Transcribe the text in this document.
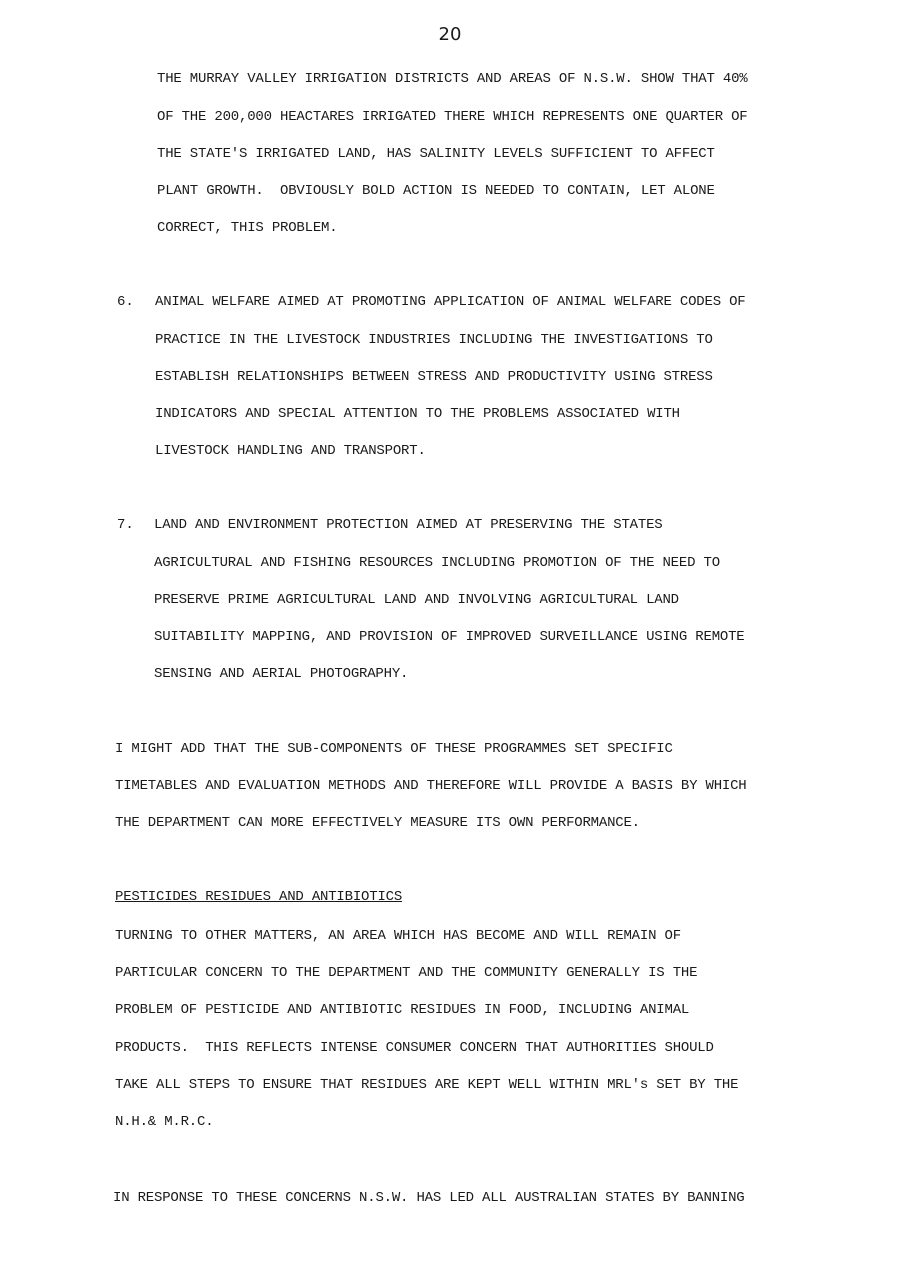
20
THE MURRAY VALLEY IRRIGATION DISTRICTS AND AREAS OF N.S.W. SHOW THAT 40%
OF THE 200,000 HEACTARES IRRIGATED THERE WHICH REPRESENTS ONE QUARTER OF
THE STATE'S IRRIGATED LAND, HAS SALINITY LEVELS SUFFICIENT TO AFFECT
PLANT GROWTH.  OBVIOUSLY BOLD ACTION IS NEEDED TO CONTAIN, LET ALONE
CORRECT, THIS PROBLEM.
6. ANIMAL WELFARE AIMED AT PROMOTING APPLICATION OF ANIMAL WELFARE CODES OF
PRACTICE IN THE LIVESTOCK INDUSTRIES INCLUDING THE INVESTIGATIONS TO
ESTABLISH RELATIONSHIPS BETWEEN STRESS AND PRODUCTIVITY USING STRESS
INDICATORS AND SPECIAL ATTENTION TO THE PROBLEMS ASSOCIATED WITH
LIVESTOCK HANDLING AND TRANSPORT.
7. LAND AND ENVIRONMENT PROTECTION AIMED AT PRESERVING THE STATES
AGRICULTURAL AND FISHING RESOURCES INCLUDING PROMOTION OF THE NEED TO
PRESERVE PRIME AGRICULTURAL LAND AND INVOLVING AGRICULTURAL LAND
SUITABILITY MAPPING, AND PROVISION OF IMPROVED SURVEILLANCE USING REMOTE
SENSING AND AERIAL PHOTOGRAPHY.
I MIGHT ADD THAT THE SUB-COMPONENTS OF THESE PROGRAMMES SET SPECIFIC
TIMETABLES AND EVALUATION METHODS AND THEREFORE WILL PROVIDE A BASIS BY WHICH
THE DEPARTMENT CAN MORE EFFECTIVELY MEASURE ITS OWN PERFORMANCE.
PESTICIDES RESIDUES AND ANTIBIOTICS
TURNING TO OTHER MATTERS, AN AREA WHICH HAS BECOME AND WILL REMAIN OF
PARTICULAR CONCERN TO THE DEPARTMENT AND THE COMMUNITY GENERALLY IS THE
PROBLEM OF PESTICIDE AND ANTIBIOTIC RESIDUES IN FOOD, INCLUDING ANIMAL
PRODUCTS.  THIS REFLECTS INTENSE CONSUMER CONCERN THAT AUTHORITIES SHOULD
TAKE ALL STEPS TO ENSURE THAT RESIDUES ARE KEPT WELL WITHIN MRL's SET BY THE
N.H.& M.R.C.
IN RESPONSE TO THESE CONCERNS N.S.W. HAS LED ALL AUSTRALIAN STATES BY BANNING
